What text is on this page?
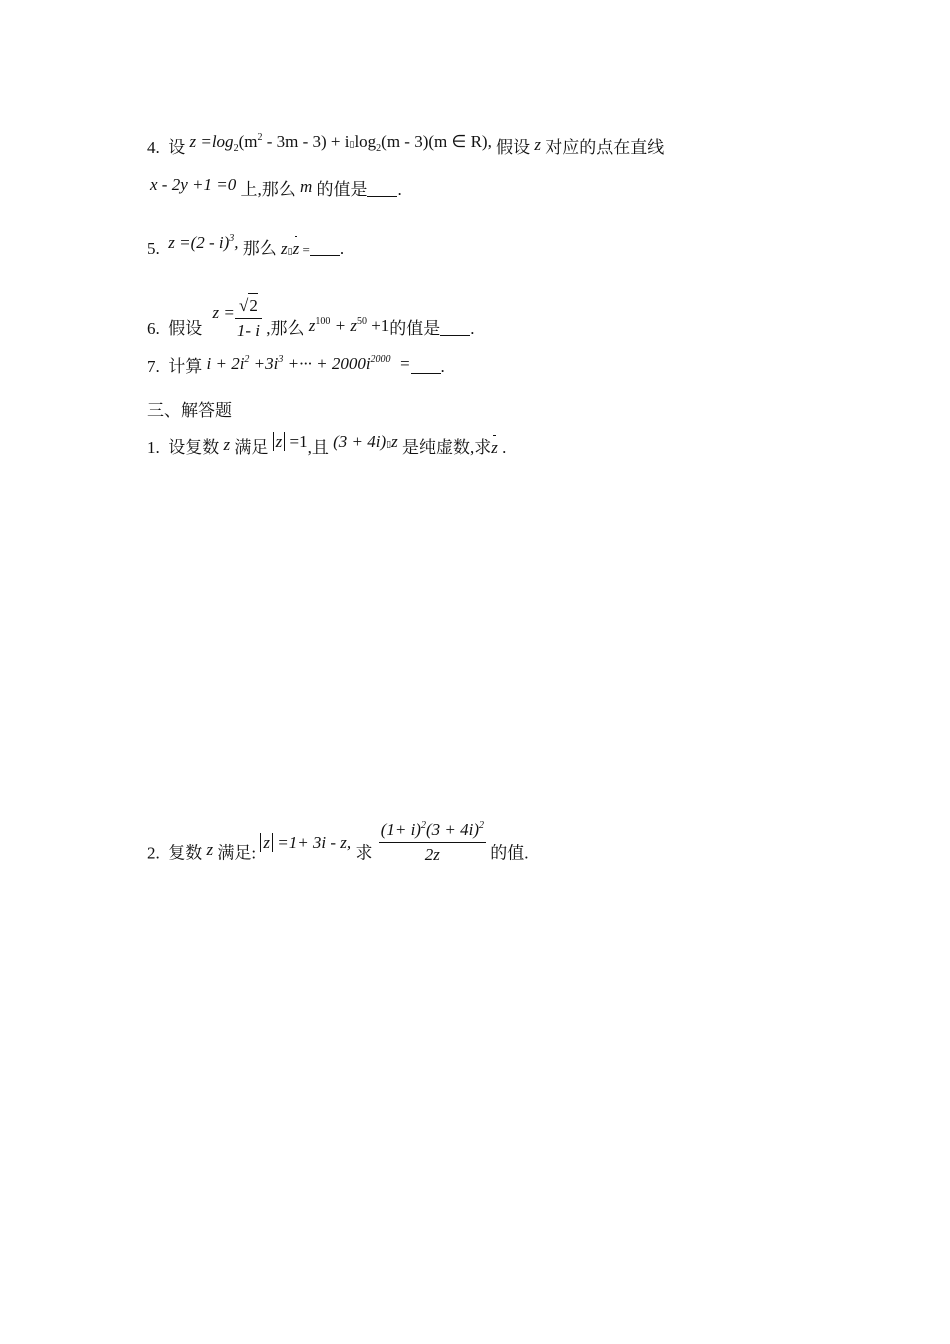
4. 设 $z =\log_2(m^2 - 3m - 3)$ + $i▯\log_2(m - 3)(m$ ∈ R), 假设 z 对应的点在直线
x - 2y +1 =0 上,那么 m 的值是 .
5. z =(2 - i)$^3$, 那么 z▯z = .
6. 假设 $z = \frac{√2}{1- i}$ ,那么 $z^{100} + z^{50} +1$的值是 .
7. 计算 $i + 2i^2 +3i^3$ +··· + $2000i^{2000}$  = .
三、解答题
1. 设复数 z 满足 z =1,且 (3 + 4i)▯z 是纯虚数,求z .
2. 复数 z 满足: z =1+ 3i - z, 求 $\frac{(1+ i)^2(3 + 4i)^2}{2z}$ 的值.
